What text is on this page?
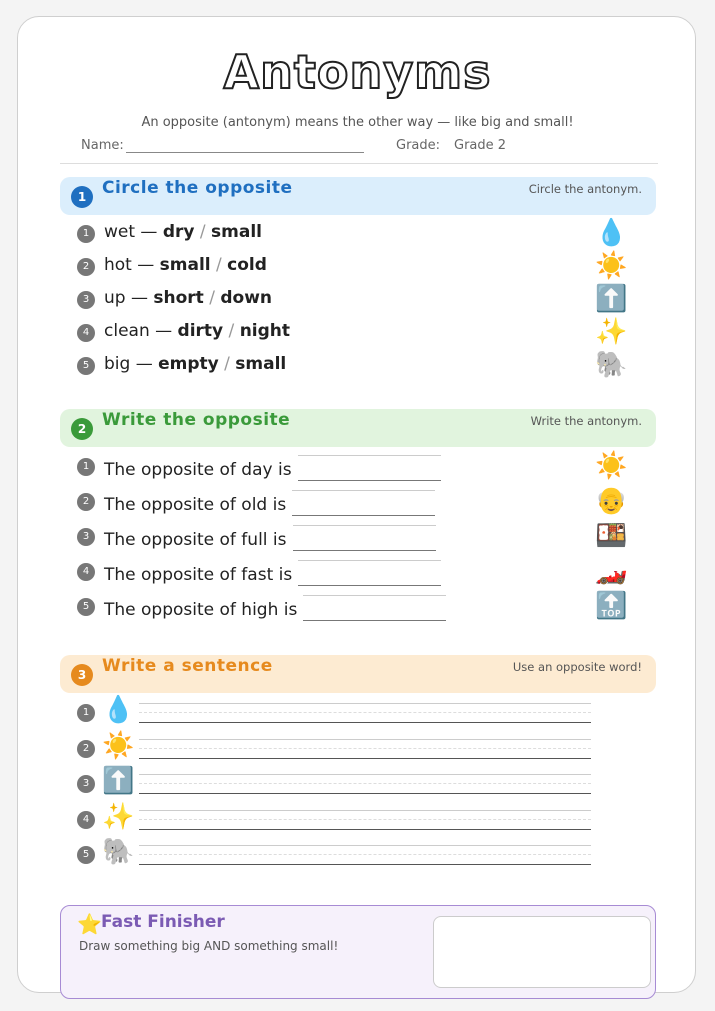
Antonyms
An opposite (antonym) means the other way — like big and small!
Name:	Grade: Grade 2
1 Circle the opposite	Circle the antonym.
2 Write the opposite	Write the antonym.
3 Write a sentence	Use an opposite word!
⭐ Fast Finisher
Draw something big AND something small!
1 wet — dry / small	💧
2 hot — small / cold	☀️
3 up — short / down	⬆️
4 clean — dirty / night	✨
5 big — empty / small	🐘
1 The opposite of day is	☀️
2 The opposite of old is	👴
3 The opposite of full is	🍱
4 The opposite of fast is	🏎️
5 The opposite of high is	🔝
1 💧
2 ☀️
3 ⬆️
4 ✨
5 🐘
